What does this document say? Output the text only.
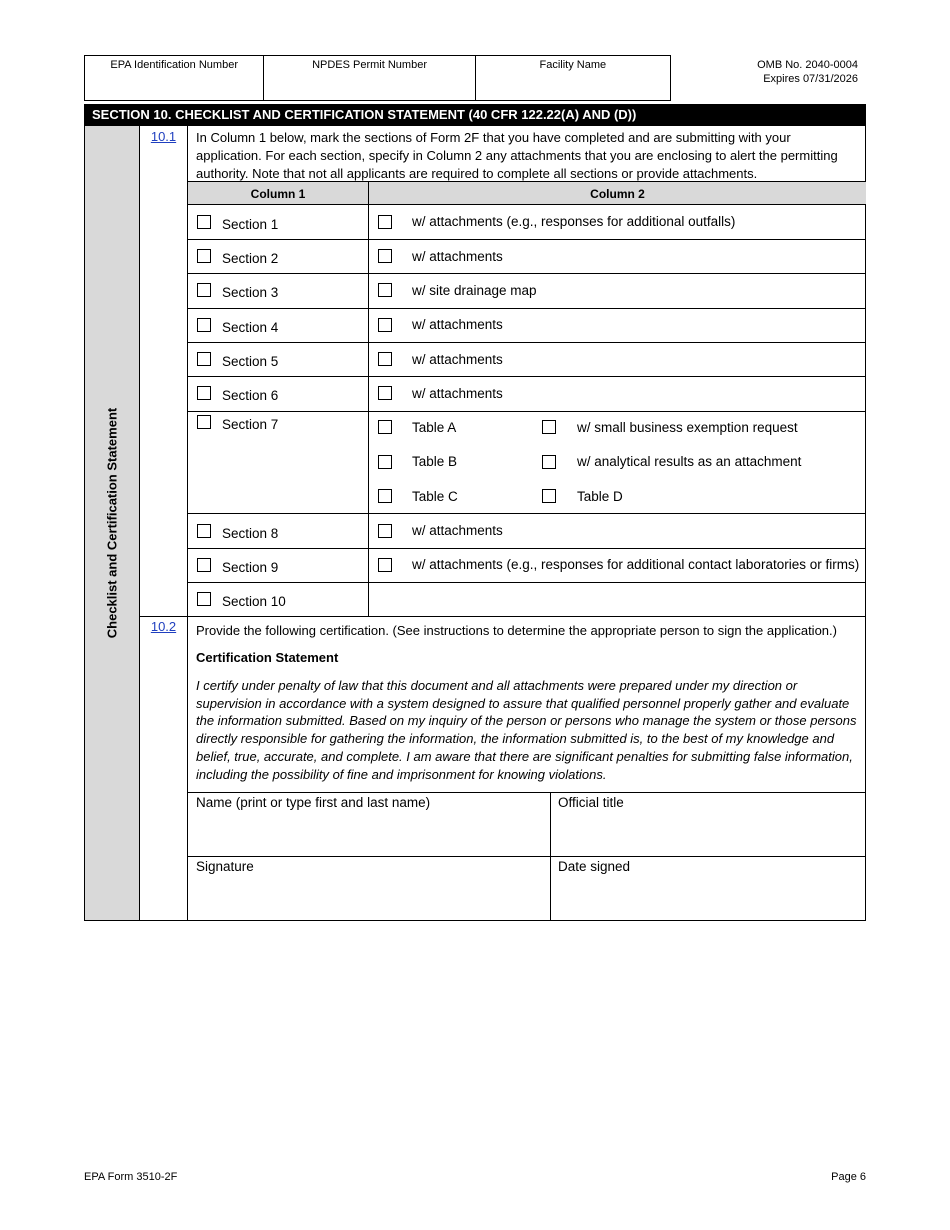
EPA Identification Number	NPDES Permit Number	Facility Name	OMB No. 2040-0004
Expires 07/31/2026
SECTION 10. CHECKLIST AND CERTIFICATION STATEMENT (40 CFR 122.22(A) AND (D))
Checklist and Certification Statement
10.1	In Column 1 below, mark the sections of Form 2F that you have completed and are submitting with your application. For each section, specify in Column 2 any attachments that you are enclosing to alert the permitting authority. Note that not all applicants are required to complete all sections or provide attachments.
Column 1	Column 2
Section 1	w/ attachments (e.g., responses for additional outfalls)
Section 2	w/ attachments
Section 3	w/ site drainage map
Section 4	w/ attachments
Section 5	w/ attachments
Section 6	w/ attachments
Section 7	Table A	w/ small business exemption request
Table B	w/ analytical results as an attachment
Table C	Table D
Section 8	w/ attachments
Section 9	w/ attachments (e.g., responses for additional contact laboratories or firms)
Section 10
10.2	Provide the following certification. (See instructions to determine the appropriate person to sign the application.)
Certification Statement
I certify under penalty of law that this document and all attachments were prepared under my direction or supervision in accordance with a system designed to assure that qualified personnel properly gather and evaluate the information submitted. Based on my inquiry of the person or persons who manage the system or those persons directly responsible for gathering the information, the information submitted is, to the best of my knowledge and belief, true, accurate, and complete. I am aware that there are significant penalties for submitting false information, including the possibility of fine and imprisonment for knowing violations.
Name (print or type first and last name)	Official title
Signature	Date signed
EPA Form 3510-2F	Page 6
